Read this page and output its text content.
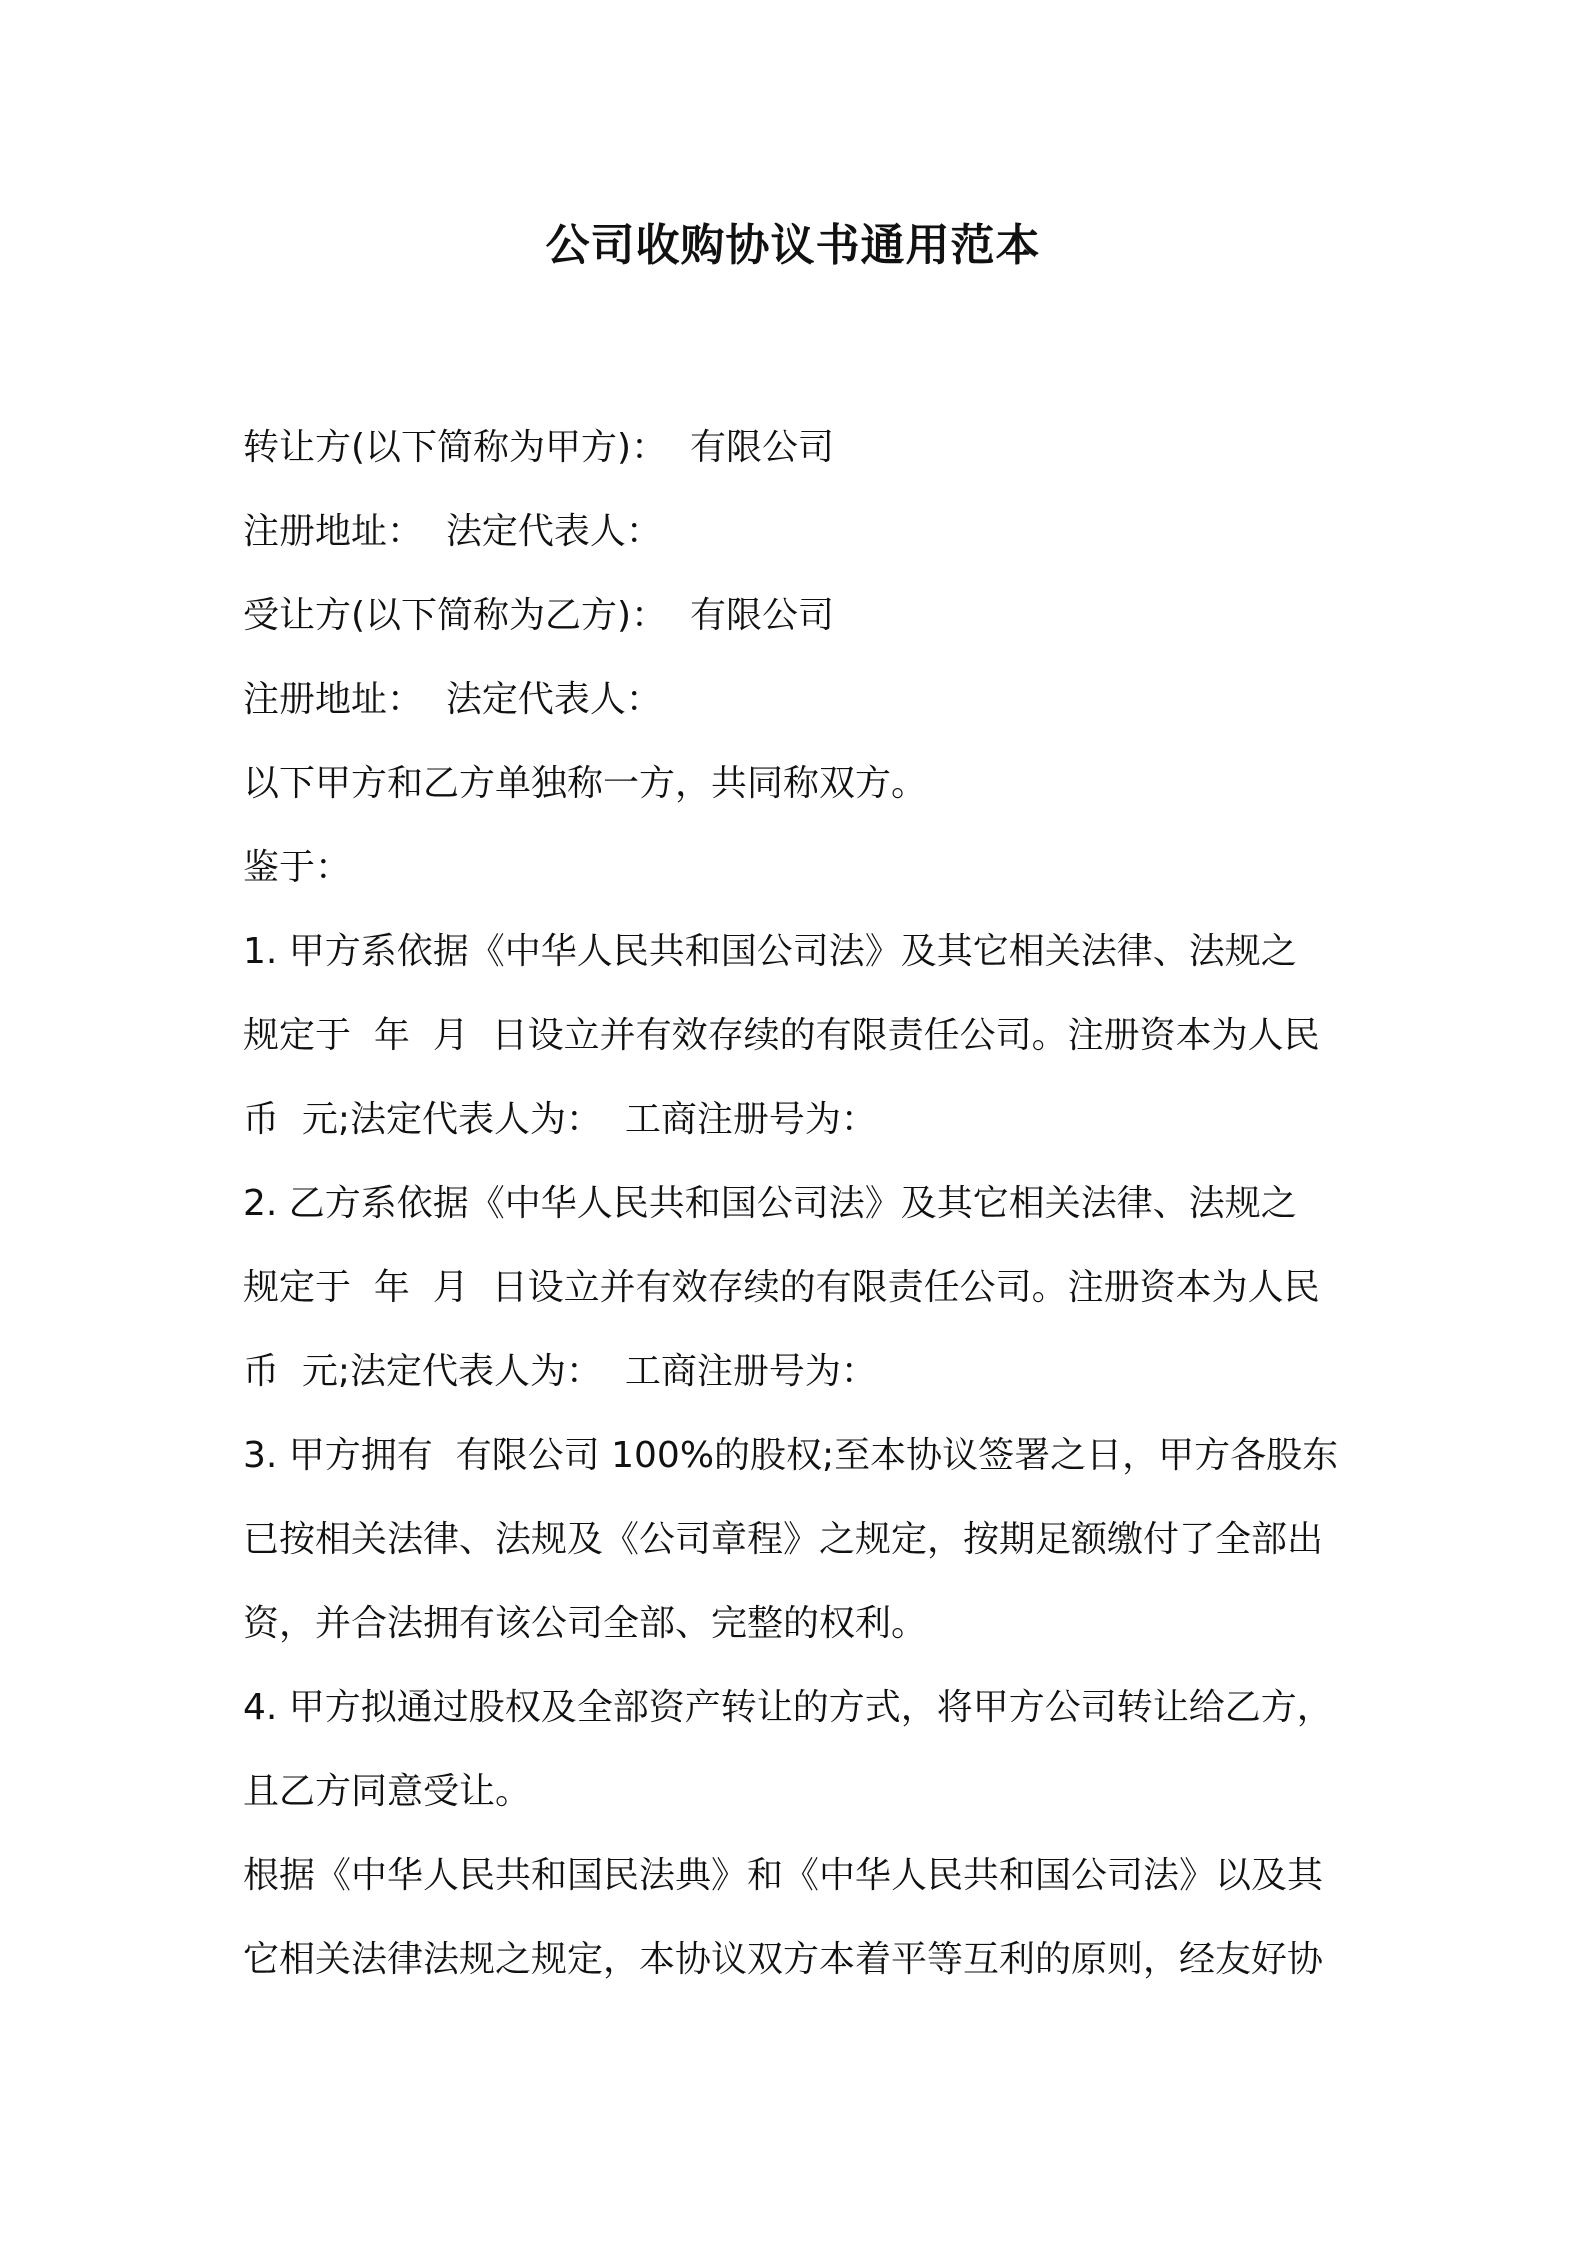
公司收购协议书通用范本
转让方(以下简称为甲方)：  有限公司
注册地址：  法定代表人：
受让方(以下简称为乙方)：  有限公司
注册地址：  法定代表人：
以下甲方和乙方单独称一方，共同称双方。
鉴于：
1. 甲方系依据《中华人民共和国公司法》及其它相关法律、法规之
规定于  年  月  日设立并有效存续的有限责任公司。注册资本为人民
币  元;法定代表人为：  工商注册号为：
2. 乙方系依据《中华人民共和国公司法》及其它相关法律、法规之
规定于  年  月  日设立并有效存续的有限责任公司。注册资本为人民
币  元;法定代表人为：  工商注册号为：
3. 甲方拥有  有限公司 100%的股权;至本协议签署之日，甲方各股东
已按相关法律、法规及《公司章程》之规定，按期足额缴付了全部出
资，并合法拥有该公司全部、完整的权利。
4. 甲方拟通过股权及全部资产转让的方式，将甲方公司转让给乙方，
且乙方同意受让。
根据《中华人民共和国民法典》和《中华人民共和国公司法》以及其
它相关法律法规之规定，本协议双方本着平等互利的原则，经友好协
